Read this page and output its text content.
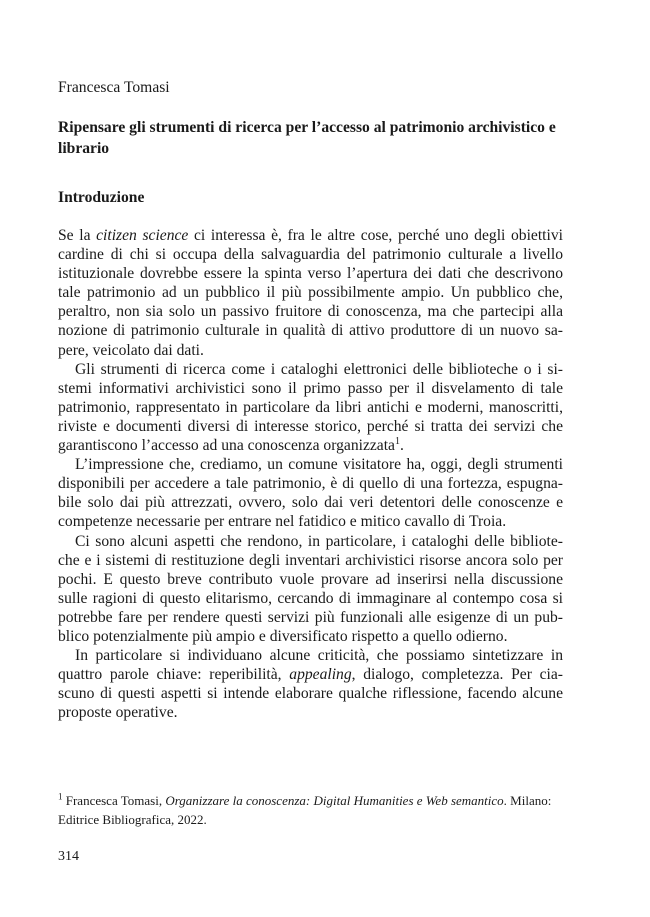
Francesca Tomasi
Ripensare gli strumenti di ricerca per l’accesso al patrimonio archivistico e librario
Introduzione

Se la citizen science ci interessa è, fra le altre cose, perché uno degli obiettivi cardine di chi si occupa della salvaguardia del patrimonio culturale a livello istituzionale dovrebbe essere la spinta verso l’apertura dei dati che descrivono tale patrimonio ad un pubblico il più possibilmente ampio. Un pubblico che, peraltro, non sia solo un passivo fruitore di conoscenza, ma che partecipi alla nozione di patrimonio culturale in qualità di attivo produttore di un nuovo sa-pere, veicolato dai dati.

Gli strumenti di ricerca come i cataloghi elettronici delle biblioteche o i si-stemi informativi archivistici sono il primo passo per il disvelamento di tale patrimonio, rappresentato in particolare da libri antichi e moderni, manoscritti, riviste e documenti diversi di interesse storico, perché si tratta dei servizi che garantiscono l’accesso ad una conoscenza organizzata$^1$.

L’impressione che, crediamo, un comune visitatore ha, oggi, degli strumenti disponibili per accedere a tale patrimonio, è di quello di una fortezza, espugna-bile solo dai più attrezzati, ovvero, solo dai veri detentori delle conoscenze e competenze necessarie per entrare nel fatidico e mitico cavallo di Troia.

Ci sono alcuni aspetti che rendono, in particolare, i cataloghi delle bibliote-che e i sistemi di restituzione degli inventari archivistici risorse ancora solo per pochi. E questo breve contributo vuole provare ad inserirsi nella discussione sulle ragioni di questo elitarismo, cercando di immaginare al contempo cosa si potrebbe fare per rendere questi servizi più funzionali alle esigenze di un pub-blico potenzialmente più ampio e diversificato rispetto a quello odierno.

In particolare si individuano alcune criticità, che possiamo sintetizzare in quattro parole chiave: reperibilità, appealing, dialogo, completezza. Per cia-scuno di questi aspetti si intende elaborare qualche riflessione, facendo alcune proposte operative.

$^1$ Francesca Tomasi, Organizzare la conoscenza: Digital Humanities e Web semantico. Milano: Editrice Bibliografica, 2022.
314
